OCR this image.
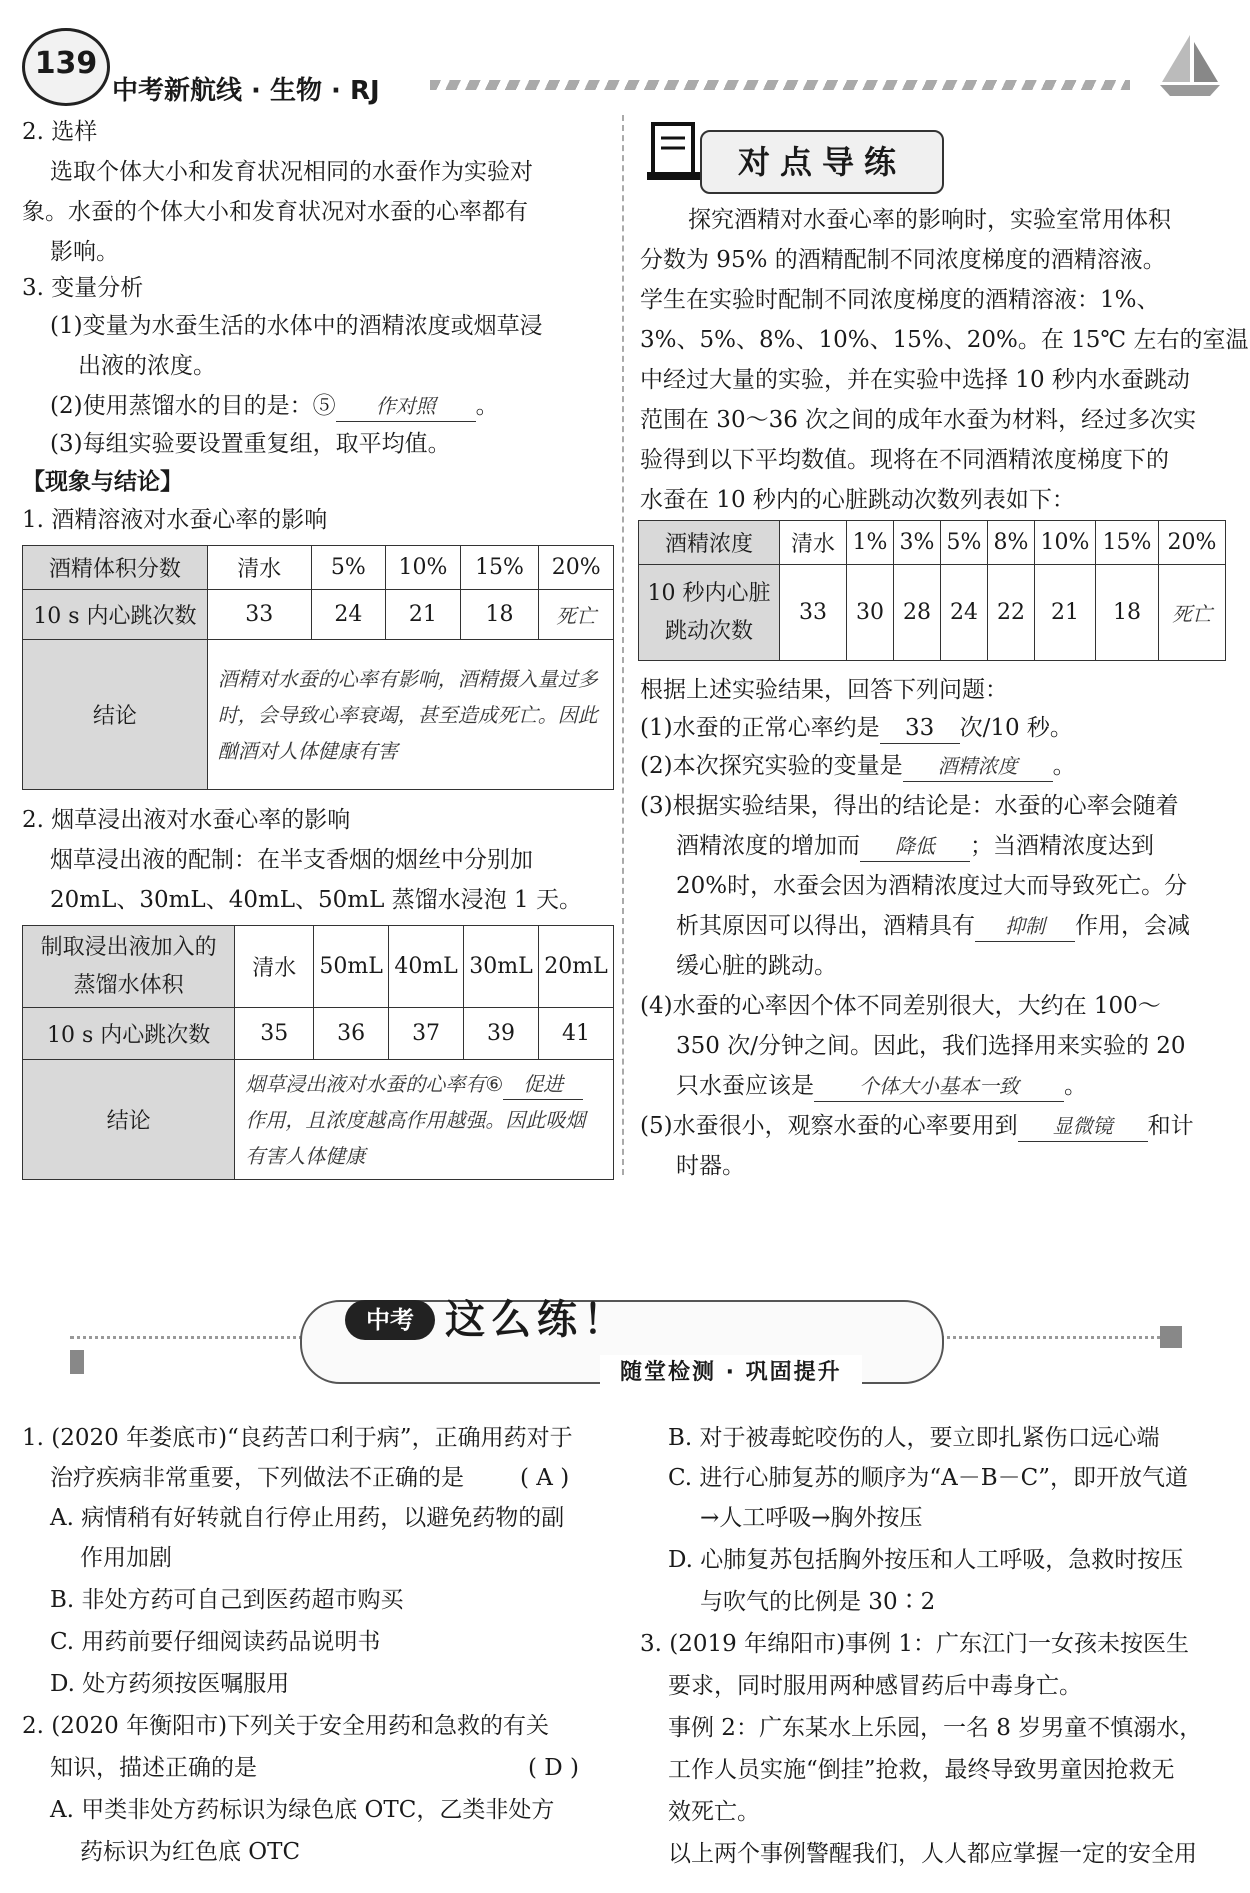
139
中考新航线 · 生物 · RJ
2. 选样
选取个体大小和发育状况相同的水蚕作为实验对
象。水蚕的个体大小和发育状况对水蚕的心率都有
影响。
3. 变量分析
(1)变量为水蚕生活的水体中的酒精浓度或烟草浸
出液的浓度。
(2)使用蒸馏水的目的是：⑤ 作对照 。
(3)每组实验要设置重复组，取平均值。
【现象与结论】
1. 酒精溶液对水蚕心率的影响
酒精体积分数	清水	5%	10%	15%	20%
10 s 内心跳次数	33	24	21	18	死亡
结论	酒精对水蚕的心率有影响，酒精摄入量过多时，会导致心率衰竭，甚至造成死亡。因此酗酒对人体健康有害				
2. 烟草浸出液对水蚕心率的影响
烟草浸出液的配制：在半支香烟的烟丝中分别加
20mL、30mL、40mL、50mL 蒸馏水浸泡 1 天。
制取浸出液加入的蒸馏水体积	清水	50mL	40mL	30mL	20mL
10 s 内心跳次数	35	36	37	39	41
结论	烟草浸出液对水蚕的心率有⑥ 促进作用，且浓度越高作用越强。因此吸烟有害人体健康				
对点导练
探究酒精对水蚕心率的影响时，实验室常用体积
分数为 95% 的酒精配制不同浓度梯度的酒精溶液。
学生在实验时配制不同浓度梯度的酒精溶液：1%、
3%、5%、8%、10%、15%、20%。在 15℃ 左右的室温
中经过大量的实验，并在实验中选择 10 秒内水蚕跳动
范围在 30～36 次之间的成年水蚕为材料，经过多次实
验得到以下平均数值。现将在不同酒精浓度梯度下的
水蚕在 10 秒内的心脏跳动次数列表如下：
酒精浓度	清水	1%	3%	5%	8%	10%	15%	20%
10 秒内心脏跳动次数	33	30	28	24	22	21	18	死亡
根据上述实验结果，回答下列问题：
(1)水蚕的正常心率约是 33 次/10 秒。
(2)本次探究实验的变量是 酒精浓度 。
(3)根据实验结果，得出的结论是：水蚕的心率会随着
酒精浓度的增加而 降低 ；当酒精浓度达到
20%时，水蚕会因为酒精浓度过大而导致死亡。分
析其原因可以得出，酒精具有 抑制 作用，会减
缓心脏的跳动。
(4)水蚕的心率因个体不同差别很大，大约在 100～
350 次/分钟之间。因此，我们选择用来实验的 20
只水蚕应该是 个体大小基本一致 。
(5)水蚕很小，观察水蚕的心率要用到 显微镜 和计
时器。
中考 这么练！
随堂检测 · 巩固提升
1. (2020 年娄底市)“良药苦口利于病”，正确用药对于
治疗疾病非常重要，下列做法不正确的是 ( A )
A. 病情稍有好转就自行停止用药，以避免药物的副
作用加剧
B. 非处方药可自己到医药超市购买
C. 用药前要仔细阅读药品说明书
D. 处方药须按医嘱服用
2. (2020 年衡阳市)下列关于安全用药和急救的有关
知识，描述正确的是	( D )
A. 甲类非处方药标识为绿色底 OTC，乙类非处方
药标识为红色底 OTC
B. 对于被毒蛇咬伤的人，要立即扎紧伤口远心端
C. 进行心肺复苏的顺序为“A－B－C”，即开放气道
→人工呼吸→胸外按压
D. 心肺复苏包括胸外按压和人工呼吸，急救时按压
与吹气的比例是 30∶2
3. (2019 年绵阳市)事例 1：广东江门一女孩未按医生
要求，同时服用两种感冒药后中毒身亡。
事例 2：广东某水上乐园，一名 8 岁男童不慎溺水，
工作人员实施“倒挂”抢救，最终导致男童因抢救无
效死亡。
以上两个事例警醒我们，人人都应掌握一定的安全用
